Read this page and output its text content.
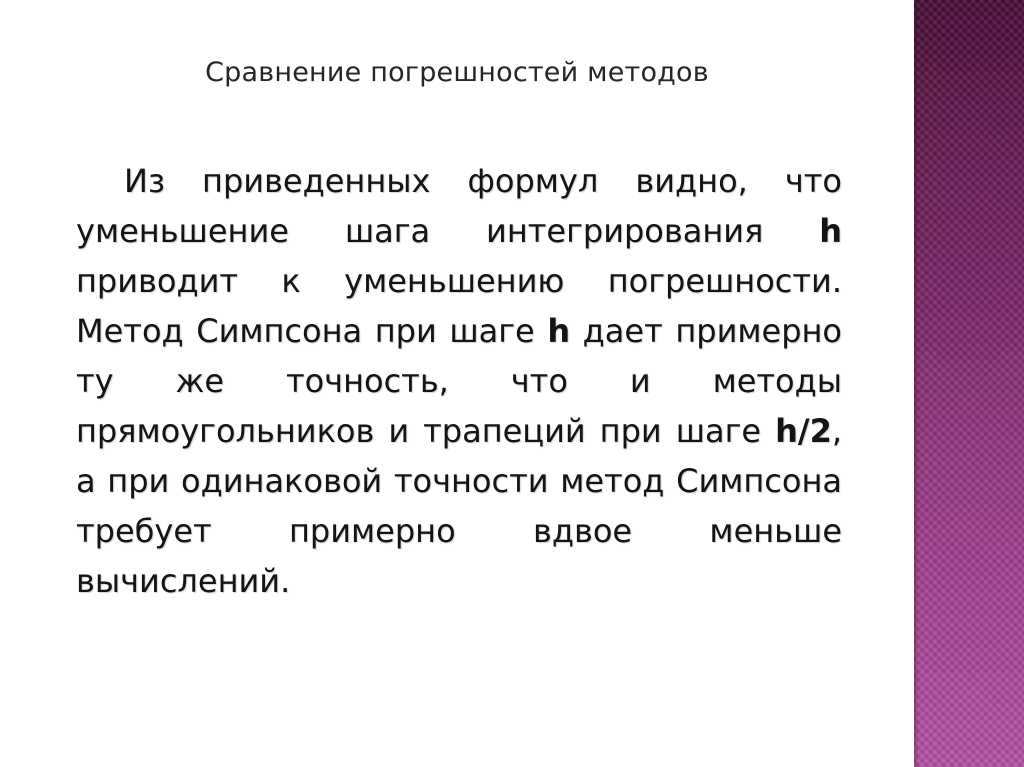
Сравнение погрешностей методов

Из приведенных формул видно, что уменьшение шага интегрирования h приводит к уменьшению погрешности. Метод Симпсона при шаге h дает примерно ту же точность, что и методы прямоугольников и трапеций при шаге h/2, а при одинаковой точности метод Симпсона требует примерно вдвое меньше вычислений.
